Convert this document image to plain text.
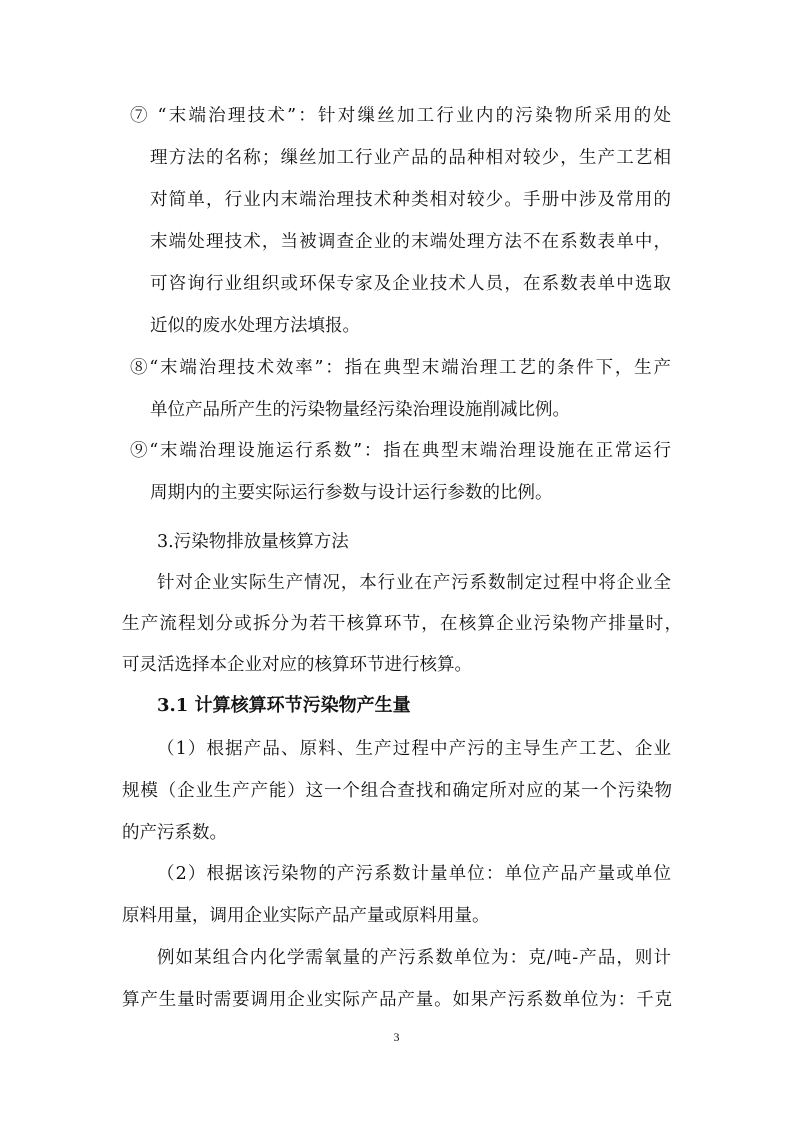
⑦ “末端治理技术”：针对缫丝加工行业内的污染物所采用的处
理方法的名称；缫丝加工行业产品的品种相对较少，生产工艺相
对简单，行业内末端治理技术种类相对较少。手册中涉及常用的
末端处理技术，当被调查企业的末端处理方法不在系数表单中，
可咨询行业组织或环保专家及企业技术人员，在系数表单中选取
近似的废水处理方法填报。
⑧“末端治理技术效率”：指在典型末端治理工艺的条件下，生产
单位产品所产生的污染物量经污染治理设施削减比例。
⑨“末端治理设施运行系数”：指在典型末端治理设施在正常运行
周期内的主要实际运行参数与设计运行参数的比例。
3.污染物排放量核算方法
针对企业实际生产情况，本行业在产污系数制定过程中将企业全
生产流程划分或拆分为若干核算环节，在核算企业污染物产排量时，
可灵活选择本企业对应的核算环节进行核算。
3.1 计算核算环节污染物产生量
（1）根据产品、原料、生产过程中产污的主导生产工艺、企业
规模（企业生产产能）这一个组合查找和确定所对应的某一个污染物
的产污系数。
（2）根据该污染物的产污系数计量单位：单位产品产量或单位
原料用量，调用企业实际产品产量或原料用量。
例如某组合内化学需氧量的产污系数单位为：克/吨-产品，则计
算产生量时需要调用企业实际产品产量。如果产污系数单位为：千克
3
